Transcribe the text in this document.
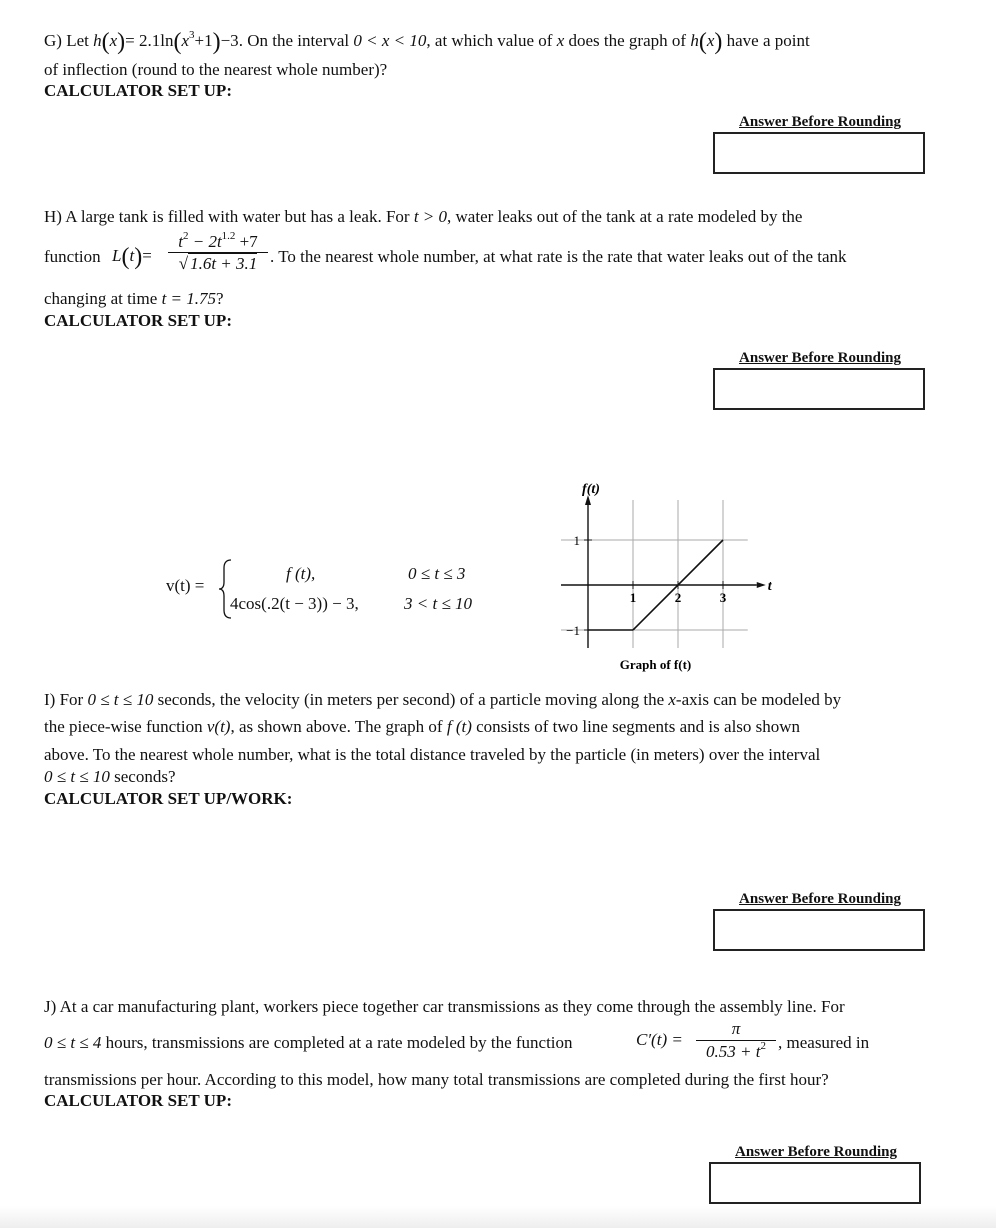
G) Let $h(x)= 2.1\ln(x^3+1)-3$. On the interval 0 < x < 10, at which value of x does the graph of h(x) have a point
of inflection (round to the nearest whole number)?
CALCULATOR SET UP:
Answer Before Rounding
H) A large tank is filled with water but has a leak. For t > 0, water leaks out of the tank at a rate modeled by the
function $L(t)= \frac{t^2 - 2t^{1.2} +7}{√ 1.6t + 3.1}$ . To the nearest whole number, at what rate is the rate that water leaks out of the tank
changing at time t = 1.75?
CALCULATOR SET UP:
Answer Before Rounding
v(t) =
f (t),	0 ≤ t ≤ 3
4cos(.2(t − 3)) − 3,	3 < t ≤ 10	1	2	3
1
−1
f(t)
t
Graph of f(t)
I) For 0 ≤ t ≤ 10 seconds, the velocity (in meters per second) of a particle moving along the x-axis can be modeled by
the piece-wise function v(t), as shown above. The graph of f (t) consists of two line segments and is also shown
above. To the nearest whole number, what is the total distance traveled by the particle (in meters) over the interval
0 ≤ t ≤ 10 seconds?
CALCULATOR SET UP/WORK:
Answer Before Rounding
J) At a car manufacturing plant, workers piece together car transmissions as they come through the assembly line. For
0 ≤ t ≤ 4 hours, transmissions are completed at a rate modeled by the function	$C'(t) = \frac{\pi}{0.53 + t^2}$ , measured in
transmissions per hour. According to this model, how many total transmissions are completed during the first hour?
CALCULATOR SET UP:
Answer Before Rounding
